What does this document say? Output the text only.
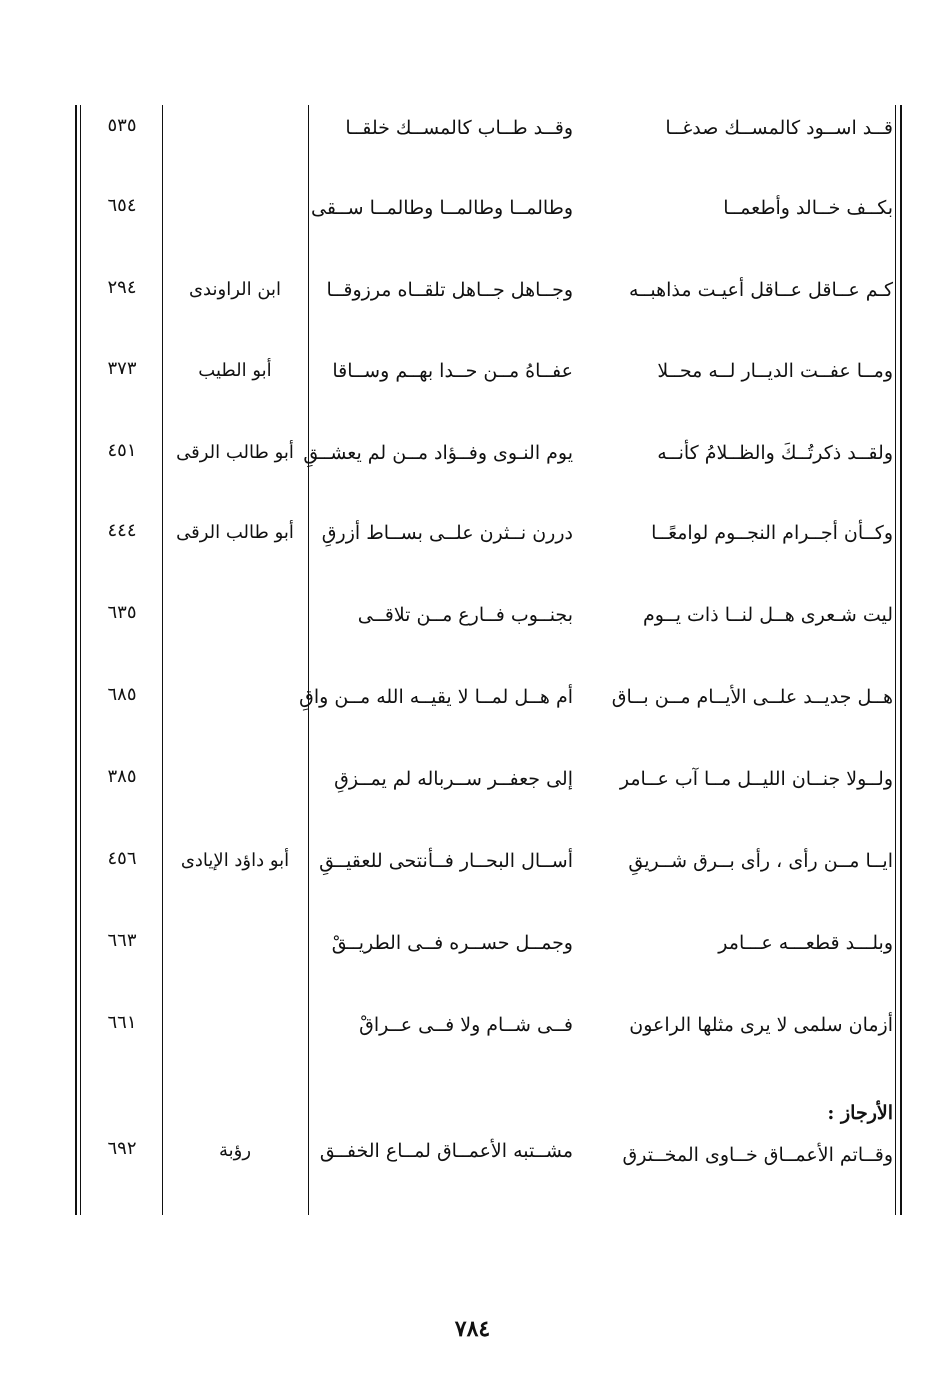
قــد اســود كالمســك صدغــا
وقــد طــاب كالمســك خلقــا
٥٣٥
بكــف خــالد وأطعمــا
وطالمــا وطالمــا وطالمــا ســقى
٦٥٤
كـم عــاقل عــاقل أعيـت مذاهبــه
وجــاهل جــاهل تلقــاه مرزوقــا
ابن الراوندى
٢٩٤
ومــا عفــت الديــار لــه محــلا
عفــاهُ مــن حــدا بهــم وســاقا
أبو الطيب
٣٧٣
ولقــد ذكرتُــكَ والظــلامُ كأنــه
يوم النـوى وفــؤاد مــن لم يعشــقِ
أبو طالب الرقى
٤٥١
وكــأن أجــرام النجــوم لوامعًــا
دررن نــثرن علــى بســاط أزرقِ
أبو طالب الرقى
٤٤٤
ليت شـعرى هــل لنــا ذات يــوم
بجنــوب فــارع مــن تلاقــى
٦٣٥
هــل جديــد علــى الأيــام مــن بــاق
أم هــل لمــا لا يقيــه الله مــن واقِ
٦٨٥
ولــولا جنــان الليــل مــا آب عــامر
إلى جعفــر ســرباله لم يمــزقِ
٣٨٥
ايــا مــن رأى ، رأى بــرق شــريقِ
أســال البحــار فــأنتحى للعقيــقِ
أبو داؤد الإيادى
٤٥٦
وبلـــد قطعـــه عـــامر
وجمــل حســره فــى الطريــقْ
٦٦٣
أزمان سلمى لا يرى مثلها الراعون
فــى شــام ولا فــى عــراقْ
٦٦١
الأرجاز :
وقــاتم الأعمــاق خــاوى المخــترق
مشــتبه الأعمــاق لمــاع الخفــق
رؤبة
٦٩٢
٧٨٤
